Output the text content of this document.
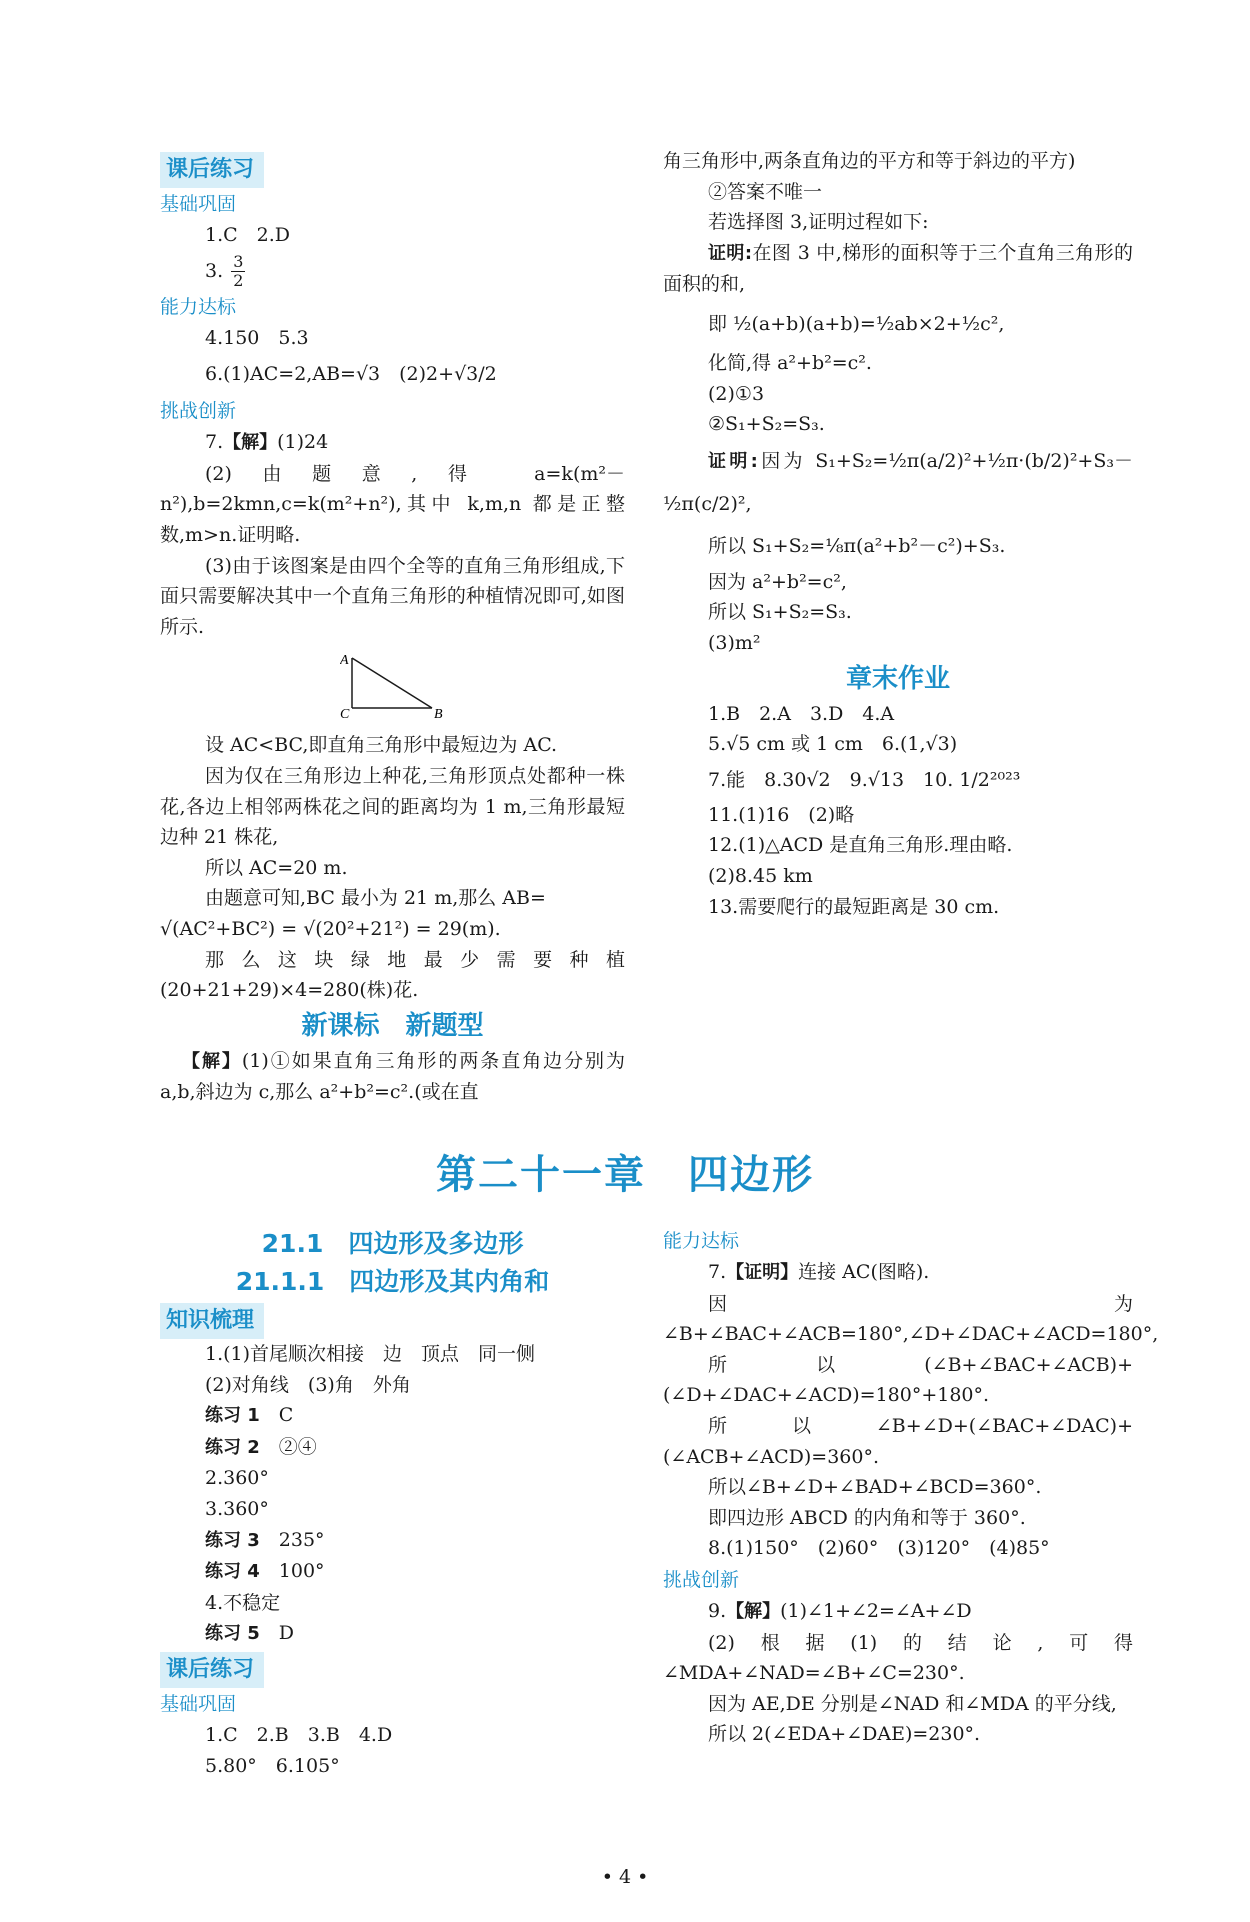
课后练习
基础巩固
1.C　2.D
3. $\frac{3}{2}$
能力达标
4.150　5.3
6.(1)AC=2,AB=√3　(2)2+√3/2
挑战创新
7.【解】(1)24
(2)由题意,得 a=k(m²－n²),b=2kmn,c=k(m²+n²),其中 k,m,n 都是正整数,m>n.证明略.
(3)由于该图案是由四个全等的直角三角形组成,下面只需要解决其中一个直角三角形的种植情况即可,如图所示.
A
C	B
设 AC<BC,即直角三角形中最短边为 AC.
因为仅在三角形边上种花,三角形顶点处都种一株花,各边上相邻两株花之间的距离均为 1 m,三角形最短边种 21 株花,
所以 AC=20 m.
由题意可知,BC 最小为 21 m,那么 AB=
√(AC²+BC²) = √(20²+21²) = 29(m).
那么这块绿地最少需要种植(20+21+29)×4=280(株)花.
新课标　新题型
【解】(1)①如果直角三角形的两条直角边分别为 a,b,斜边为 c,那么 a²+b²=c².(或在直
角三角形中,两条直角边的平方和等于斜边的平方)
②答案不唯一
若选择图 3,证明过程如下:
证明:在图 3 中,梯形的面积等于三个直角三角形的面积的和,
即 ½(a+b)(a+b)=½ab×2+½c²,
化简,得 a²+b²=c².
(2)①3
②S₁+S₂=S₃.
证明:因为 S₁+S₂=½π(a/2)²+½π·(b/2)²+S₃－½π(c/2)²,
所以 S₁+S₂=⅛π(a²+b²－c²)+S₃.
因为 a²+b²=c²,
所以 S₁+S₂=S₃.
(3)m²
章末作业
1.B　2.A　3.D　4.A
5.√5 cm 或 1 cm　6.(1,√3)
7.能　8.30√2　9.√13　10. 1/2²⁰²³
11.(1)16　(2)略
12.(1)△ACD 是直角三角形.理由略.
(2)8.45 km
13.需要爬行的最短距离是 30 cm.
第二十一章　四边形
21.1　四边形及多边形
21.1.1　四边形及其内角和
知识梳理
1.(1)首尾顺次相接　边　顶点　同一侧
(2)对角线　(3)角　外角
练习 1　C
练习 2　②④
2.360°
3.360°
练习 3　235°
练习 4　100°
4.不稳定
练习 5　D
课后练习
基础巩固
1.C　2.B　3.B　4.D
5.80°　6.105°
能力达标
7.【证明】连接 AC(图略).
因为∠B+∠BAC+∠ACB=180°,∠D+∠DAC+∠ACD=180°,
所以(∠B+∠BAC+∠ACB)+(∠D+∠DAC+∠ACD)=180°+180°.
所以∠B+∠D+(∠BAC+∠DAC)+(∠ACB+∠ACD)=360°.
所以∠B+∠D+∠BAD+∠BCD=360°.
即四边形 ABCD 的内角和等于 360°.
8.(1)150°　(2)60°　(3)120°　(4)85°
挑战创新
9.【解】(1)∠1+∠2=∠A+∠D
(2)根据(1)的结论,可得∠MDA+∠NAD=∠B+∠C=230°.
因为 AE,DE 分别是∠NAD 和∠MDA 的平分线,
所以 2(∠EDA+∠DAE)=230°.
• 4 •
